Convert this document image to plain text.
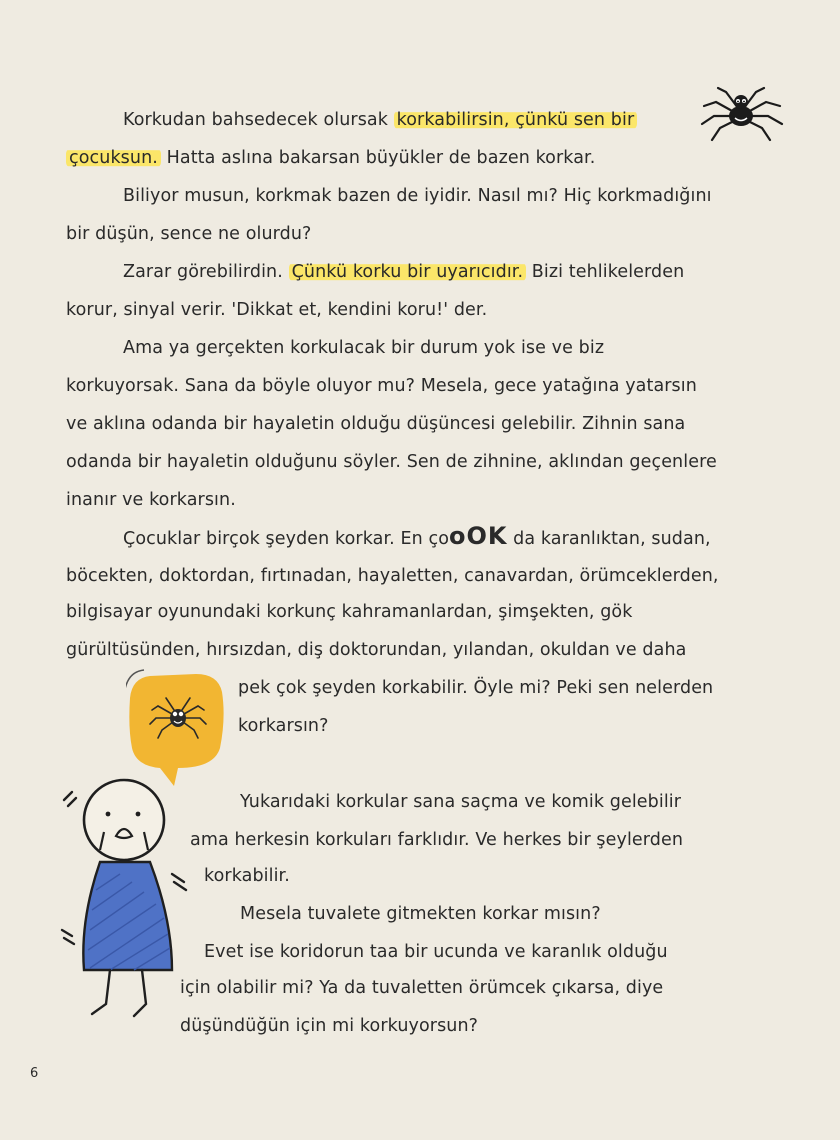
Korkudan bahsedecek olursak korkabilirsin, çünkü sen bir
çocuksun. Hatta aslına bakarsan büyükler de bazen korkar.
Biliyor musun, korkmak bazen de iyidir. Nasıl mı? Hiç korkmadığını
bir düşün, sence ne olurdu?
Zarar görebilirdin. Çünkü korku bir uyarıcıdır. Bizi tehlikelerden
korur, sinyal verir. 'Dikkat et, kendini koru!' der.
Ama ya gerçekten korkulacak bir durum yok ise ve biz
korkuyorsak. Sana da böyle oluyor mu? Mesela, gece yatağına yatarsın
ve aklına odanda bir hayaletin olduğu düşüncesi gelebilir. Zihnin sana
odanda bir hayaletin olduğunu söyler. Sen de zihnine, aklından geçenlere
inanır ve korkarsın.
Çocuklar birçok şeyden korkar. En çooOK da karanlıktan, sudan,
böcekten, doktordan, fırtınadan, hayaletten, canavardan, örümceklerden,
bilgisayar oyunundaki korkunç kahramanlardan, şimşekten, gök
gürültüsünden, hırsızdan, diş doktorundan, yılandan, okuldan ve daha
pek çok şeyden korkabilir. Öyle mi? Peki sen nelerden
korkarsın?
Yukarıdaki korkular sana saçma ve komik gelebilir
ama herkesin korkuları farklıdır. Ve herkes bir şeylerden
korkabilir.
Mesela tuvalete gitmekten korkar mısın?
Evet ise koridorun taa bir ucunda ve karanlık olduğu
için olabilir mi? Ya da tuvaletten örümcek çıkarsa, diye
düşündüğün için mi korkuyorsun?
6
